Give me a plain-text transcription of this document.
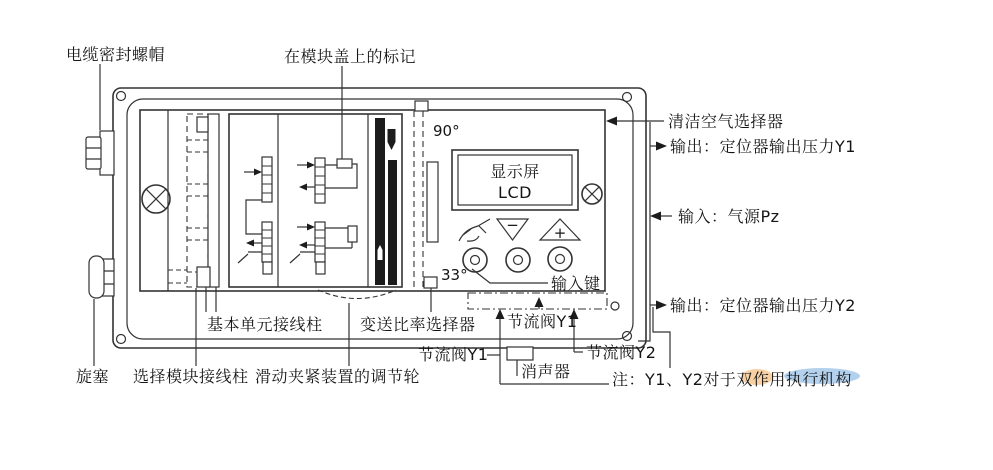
显示屏
LCD
− +
电缆密封螺帽	在模块盖上的标记
清洁空气选择器
输出：定位器输出压力Y1
输入：气源Pz
输出：定位器输出压力Y2
90°
33°	输入键
基本单元接线柱 变送比率选择器 节流阀Y1
旋塞 选择模块接线柱 滑动夹紧装置的调节轮
节流阀Y1
消声器
节流阀Y2
注：Y1、Y2对于双作用执行机构
